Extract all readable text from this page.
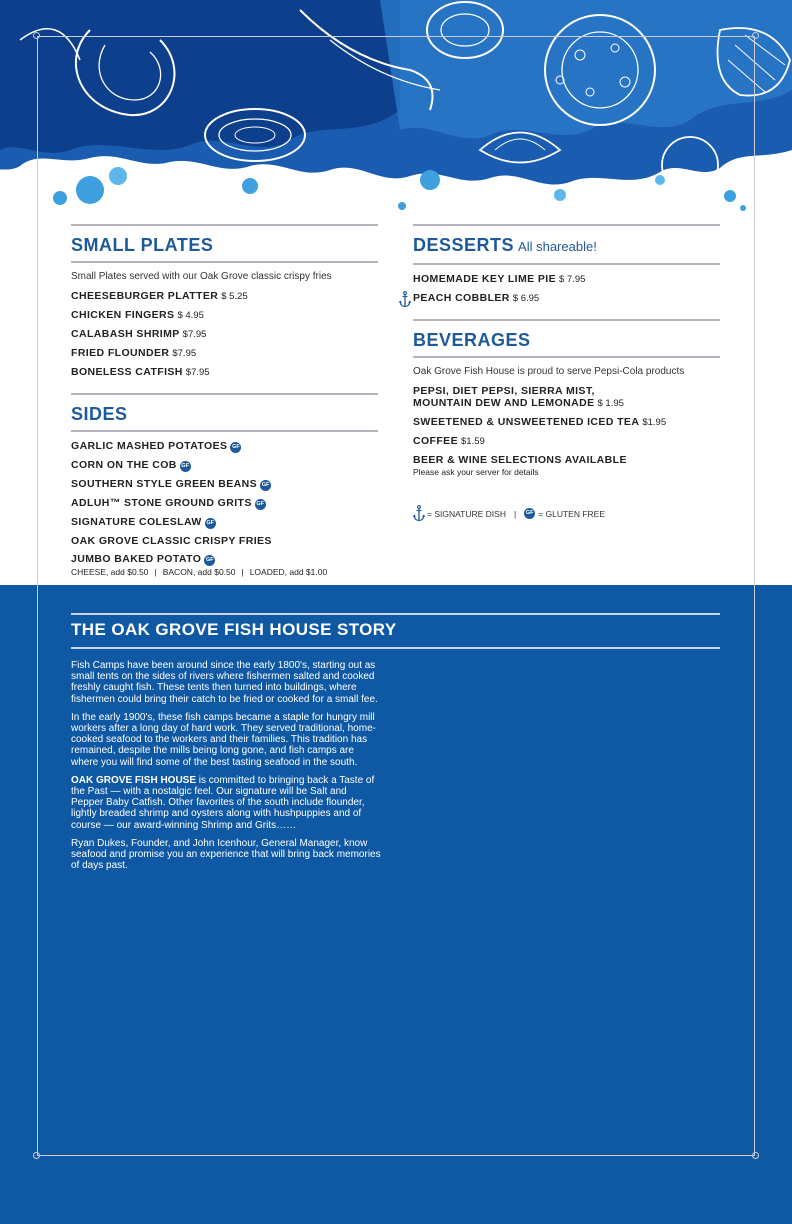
SMALL PLATES
Small Plates served with our Oak Grove classic crispy fries
CHEESEBURGER PLATTER $ 5.25
CHICKEN FINGERS $ 4.95
CALABASH SHRIMP $7.95
FRIED FLOUNDER $7.95
BONELESS CATFISH $7.95
SIDES
GARLIC MASHED POTATOES GF
CORN ON THE COB GF
SOUTHERN STYLE GREEN BEANS GF
ADLUH™ STONE GROUND GRITS GF
SIGNATURE COLESLAW GF
OAK GROVE CLASSIC CRISPY FRIES
JUMBO BAKED POTATO GF
CHEESE, add $0.50 | BACON, add $0.50 | LOADED, add $1.00
DESSERTS All shareable!
HOMEMADE KEY LIME PIE $ 7.95
PEACH COBBLER $ 6.95
BEVERAGES
Oak Grove Fish House is proud to serve Pepsi-Cola products
PEPSI, DIET PEPSI, SIERRA MIST,
MOUNTAIN DEW AND LEMONADE $ 1.95
SWEETENED & UNSWEETENED ICED TEA $1.95
COFFEE $1.59
BEER & WINE SELECTIONS AVAILABLE
Please ask your server for details
= SIGNATURE DISH |	GF = GLUTEN FREE
THE OAK GROVE FISH HOUSE STORY

Fish Camps have been around since the early 1800's, starting out as small tents on the sides of rivers where fishermen salted and cooked freshly caught fish. These tents then turned into buildings, where fishermen could bring their catch to be fried or cooked for a small fee.

In the early 1900's, these fish camps became a staple for hungry mill workers after a long day of hard work. They served traditional, home-cooked seafood to the workers and their families. This tradition has remained, despite the mills being long gone, and fish camps are where you will find some of the best tasting seafood in the south.

OAK GROVE FISH HOUSE is committed to bringing back a Taste of the Past — with a nostalgic feel. Our signature will be Salt and Pepper Baby Catfish. Other favorites of the south include flounder, lightly breaded shrimp and oysters along with hushpuppies and of course — our award-winning Shrimp and Grits……

Ryan Dukes, Founder, and John Icenhour, General Manager, know seafood and promise you an experience that will bring back memories of days past.
